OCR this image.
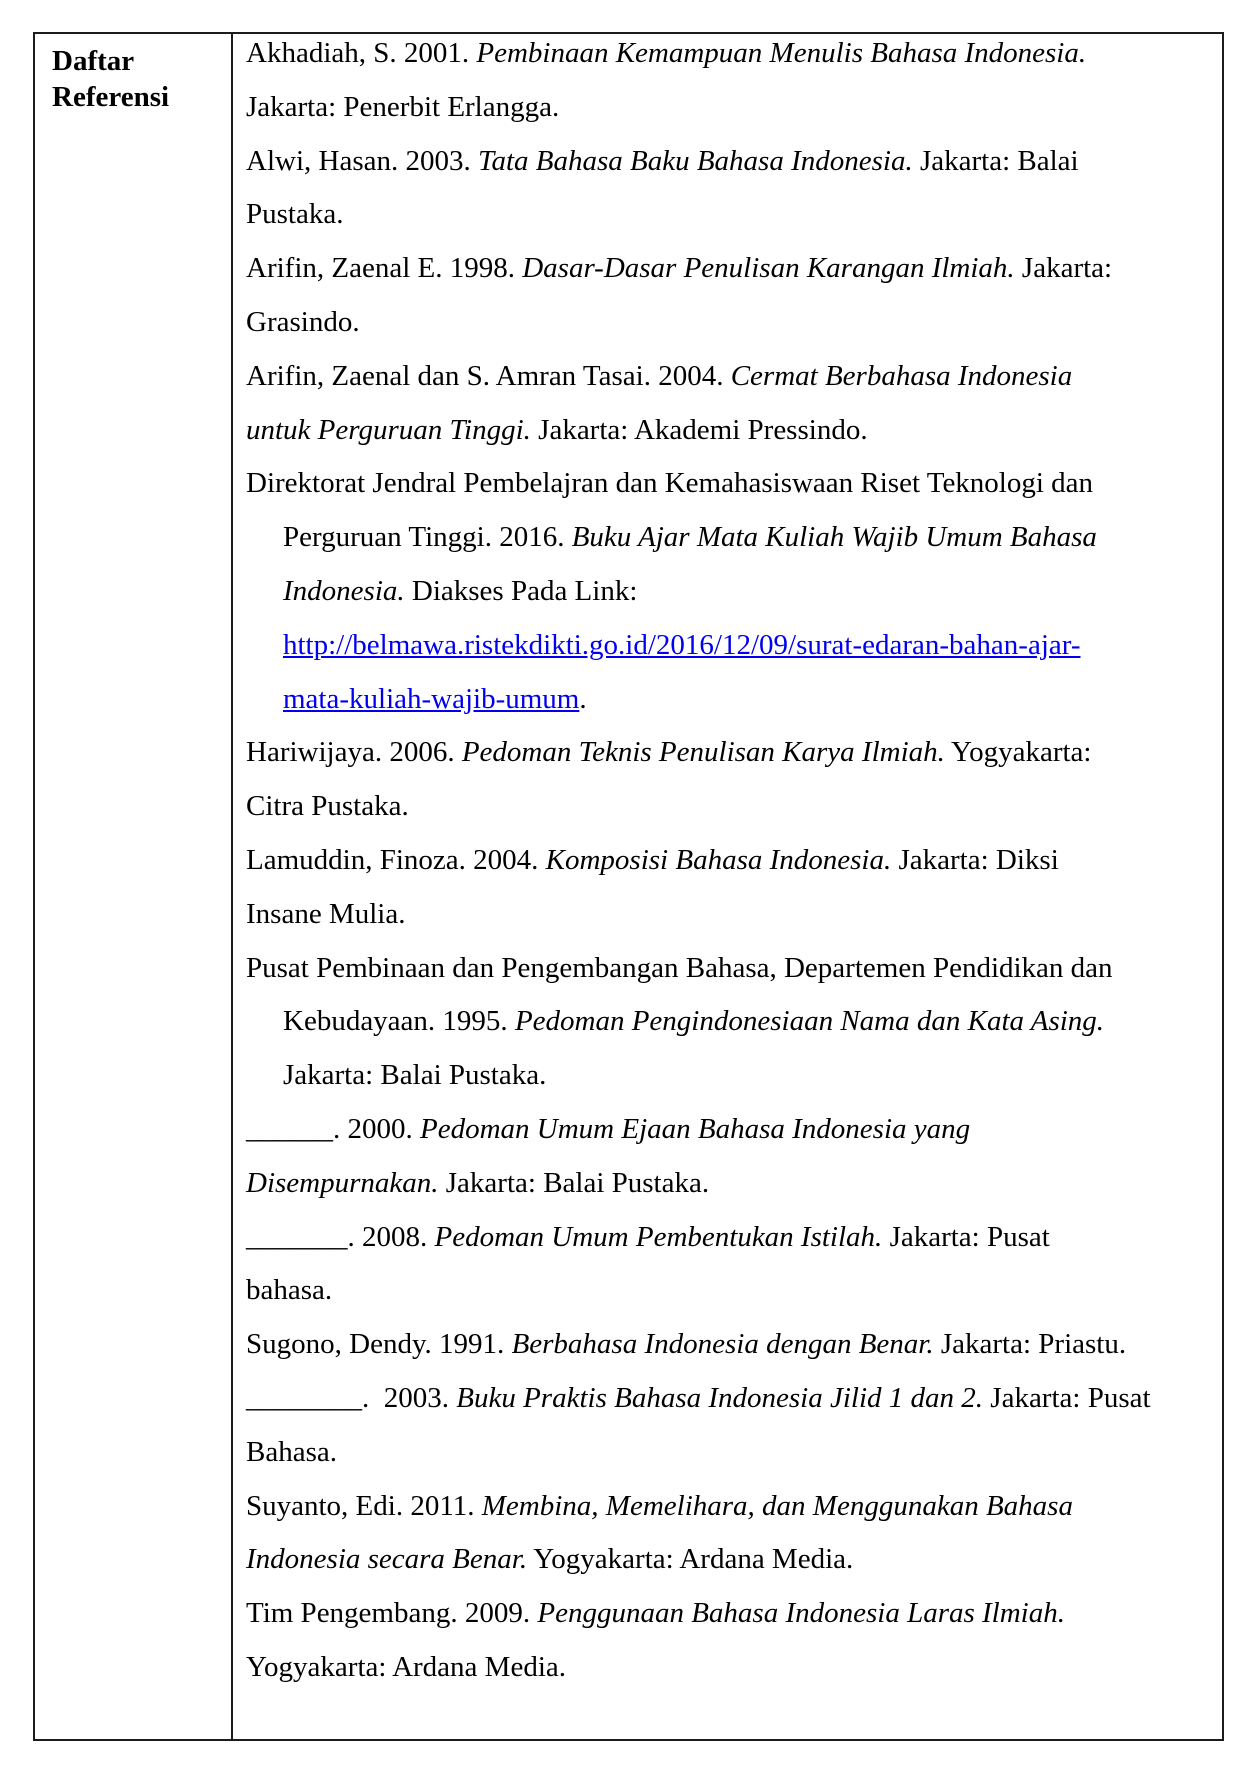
Daftar Referensi
Akhadiah, S. 2001. Pembinaan Kemampuan Menulis Bahasa Indonesia.
Jakarta: Penerbit Erlangga.
Alwi, Hasan. 2003. Tata Bahasa Baku Bahasa Indonesia. Jakarta: Balai
Pustaka.
Arifin, Zaenal E. 1998. Dasar-Dasar Penulisan Karangan Ilmiah. Jakarta:
Grasindo.
Arifin, Zaenal dan S. Amran Tasai. 2004. Cermat Berbahasa Indonesia
untuk Perguruan Tinggi. Jakarta: Akademi Pressindo.
Direktorat Jendral Pembelajran dan Kemahasiswaan Riset Teknologi dan
Perguruan Tinggi. 2016. Buku Ajar Mata Kuliah Wajib Umum Bahasa
Indonesia. Diakses Pada Link:
http://belmawa.ristekdikti.go.id/2016/12/09/surat-edaran-bahan-ajar-
mata-kuliah-wajib-umum.
Hariwijaya. 2006. Pedoman Teknis Penulisan Karya Ilmiah. Yogyakarta:
Citra Pustaka.
Lamuddin, Finoza. 2004. Komposisi Bahasa Indonesia. Jakarta: Diksi
Insane Mulia.
Pusat Pembinaan dan Pengembangan Bahasa, Departemen Pendidikan dan
Kebudayaan. 1995. Pedoman Pengindonesiaan Nama dan Kata Asing.
Jakarta: Balai Pustaka.
______. 2000. Pedoman Umum Ejaan Bahasa Indonesia yang
Disempurnakan. Jakarta: Balai Pustaka.
_______. 2008. Pedoman Umum Pembentukan Istilah. Jakarta: Pusat
bahasa.
Sugono, Dendy. 1991. Berbahasa Indonesia dengan Benar. Jakarta: Priastu.
________.  2003. Buku Praktis Bahasa Indonesia Jilid 1 dan 2. Jakarta: Pusat
Bahasa.
Suyanto, Edi. 2011. Membina, Memelihara, dan Menggunakan Bahasa
Indonesia secara Benar. Yogyakarta: Ardana Media.
Tim Pengembang. 2009. Penggunaan Bahasa Indonesia Laras Ilmiah.
Yogyakarta: Ardana Media.
